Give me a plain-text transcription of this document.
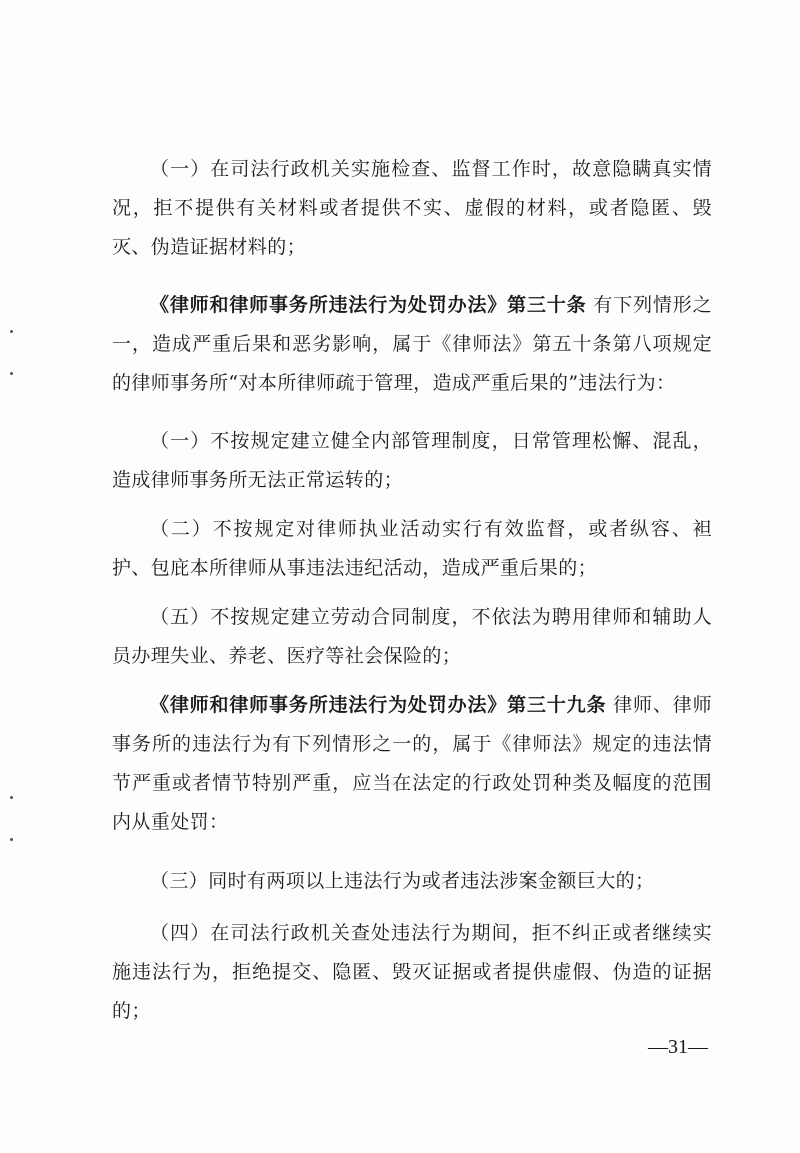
（一）在司法行政机关实施检查、监督工作时，故意隐瞒真实情况，拒不提供有关材料或者提供不实、虚假的材料，或者隐匿、毁灭、伪造证据材料的；

《律师和律师事务所违法行为处罚办法》第三十条 有下列情形之一，造成严重后果和恶劣影响，属于《律师法》第五十条第八项规定的律师事务所“对本所律师疏于管理，造成严重后果的”违法行为：

（一）不按规定建立健全内部管理制度，日常管理松懈、混乱，造成律师事务所无法正常运转的；

（二）不按规定对律师执业活动实行有效监督，或者纵容、袒护、包庇本所律师从事违法违纪活动，造成严重后果的；

（五）不按规定建立劳动合同制度，不依法为聘用律师和辅助人员办理失业、养老、医疗等社会保险的；

《律师和律师事务所违法行为处罚办法》第三十九条 律师、律师事务所的违法行为有下列情形之一的，属于《律师法》规定的违法情节严重或者情节特别严重，应当在法定的行政处罚种类及幅度的范围内从重处罚：

（三）同时有两项以上违法行为或者违法涉案金额巨大的；

（四）在司法行政机关查处违法行为期间，拒不纠正或者继续实施违法行为，拒绝提交、隐匿、毁灭证据或者提供虚假、伪造的证据的；

—31—
